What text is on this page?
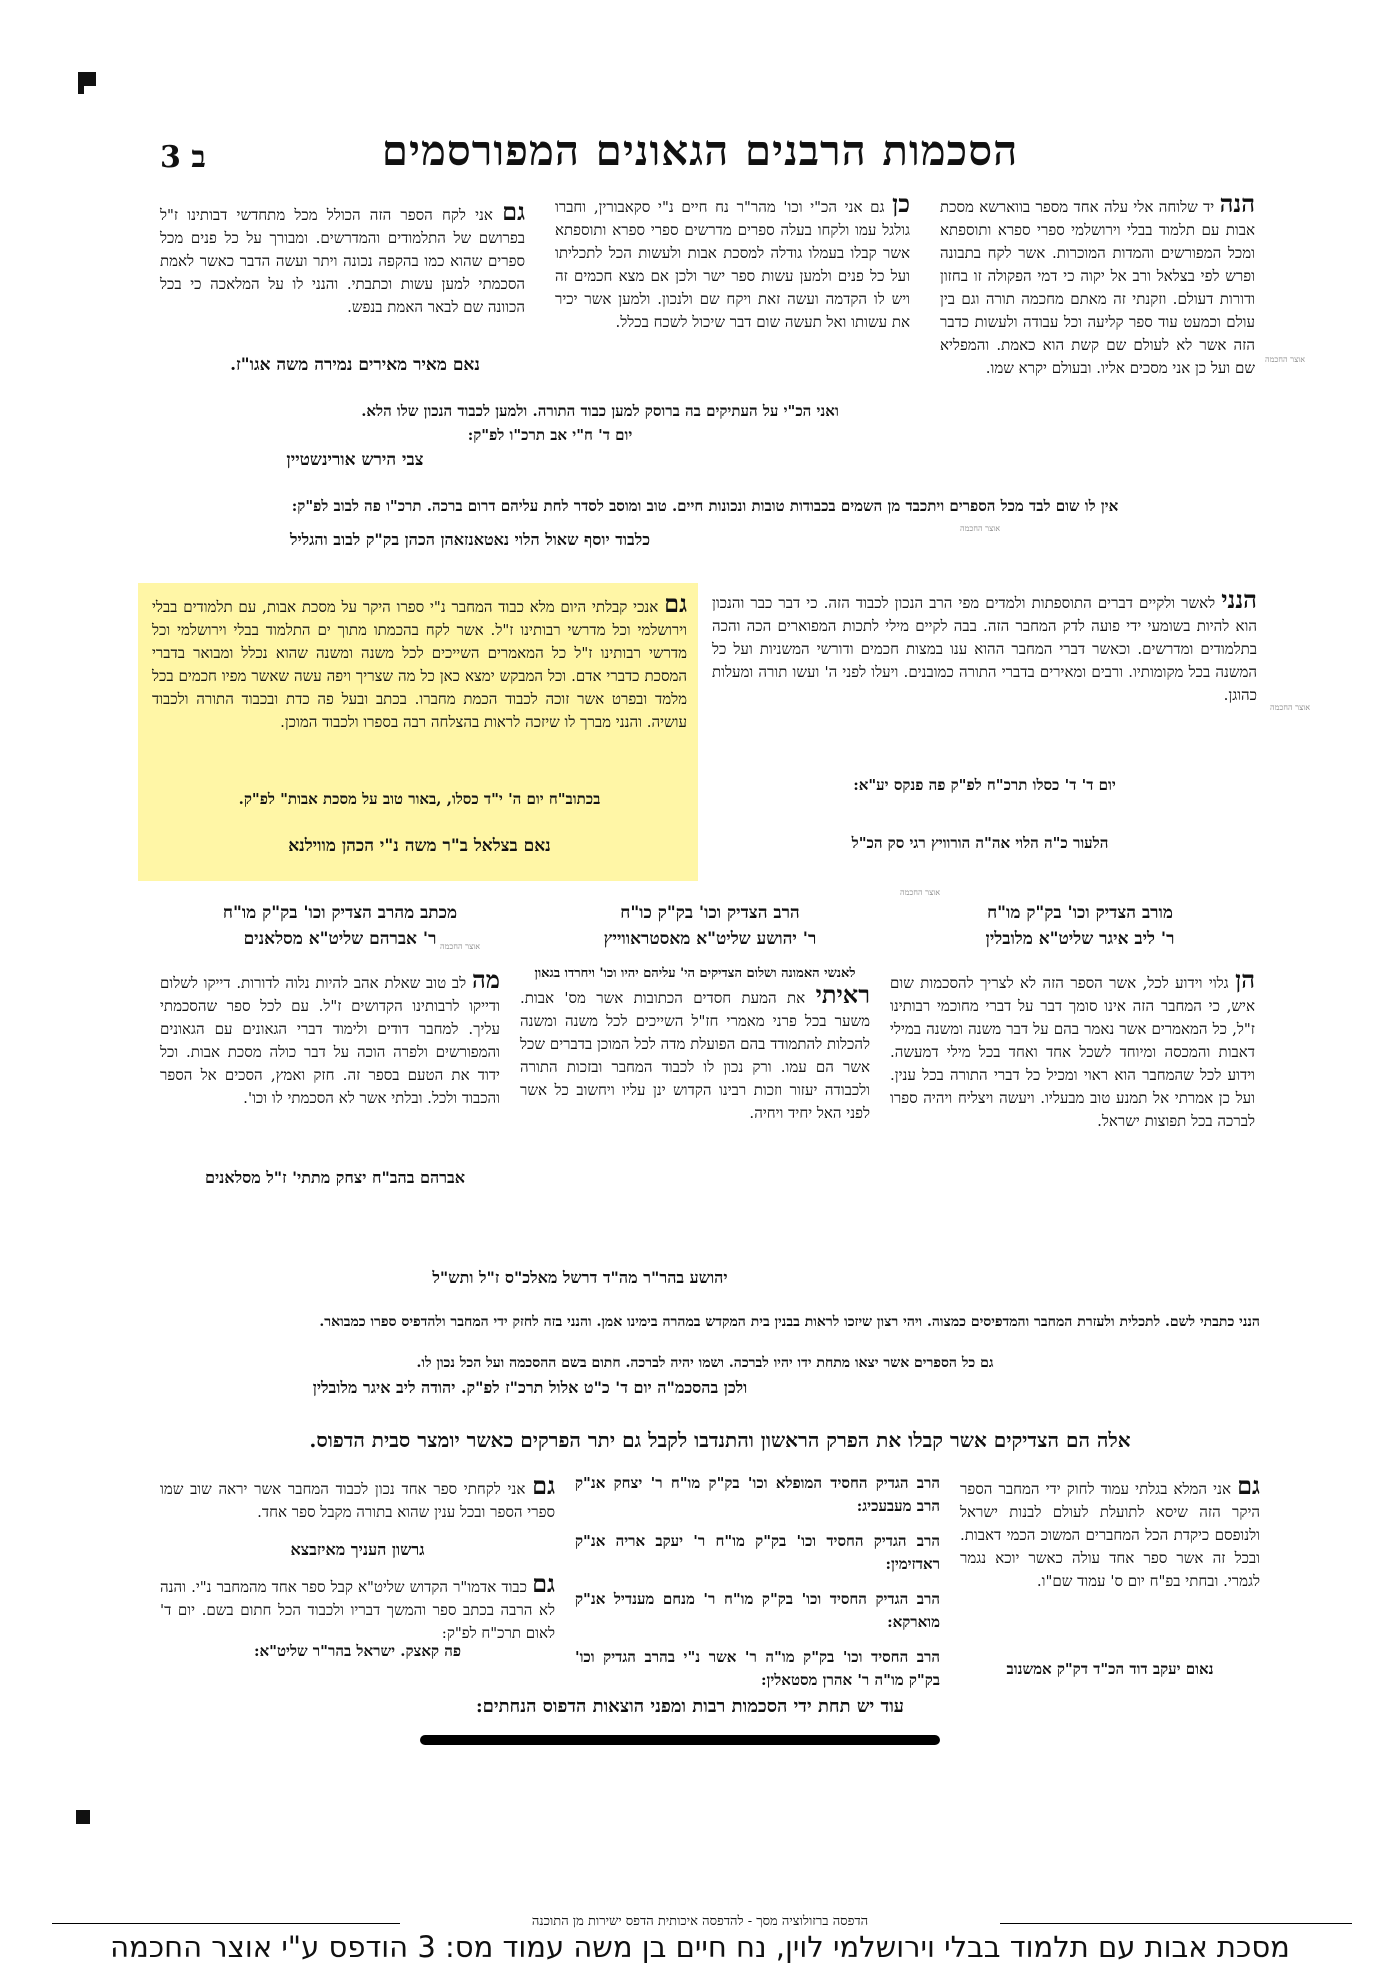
ב 3	הסכמות הרבנים הגאונים המפורסמים
הנה יד שלוחה אלי עלה אחד מספר בווארשא מסכת אבות עם תלמוד בבלי וירושלמי ספרי ספרא ותוספתא ומכל המפורשים והמדות המוכרות. אשר לקח בתבונה ופרש לפי בצלאל ורב אל יקוה כי דמי הפקולה זו בחזון ודורות דעולם. וזקנתי זה מאתם מחכמה תורה וגם בין עולם וכמעט עוד ספר קליעה וכל עבודה ולעשות כדבר הזה אשר לא לעולם שם קשת הוא כאמת. והמפליא שם ועל כן אני מסכים אליו. ובעולם יקרא שמו.
כן גם אני הכ"י וכו' מהר"ר נח חיים נ"י סקאבורין, וחברו גולגל עמו ולקחו בעלה ספרים מדרשים ספרי ספרא ותוספתא אשר קבלו בעמלו גודלה למסכת אבות ולעשות הכל לתכליתו ועל כל פנים ולמען עשות ספר ישר ולכן אם מצא חכמים זה ויש לו הקדמה ועשה זאת ויקח שם ולנכון. ולמען אשר יכיר את עשותו ואל תעשה שום דבר שיכול לשכח בכלל.
גם אני לקח הספר הזה הכולל מכל מתחדשי דבותינו ז"ל בפרושם של התלמודים והמדרשים. ומבורך על כל פנים מכל ספרים שהוא כמו בהקפה נכונה ויתר ועשה הדבר כאשר לאמת הסכמתי למען עשות וכתבתי. והנני לו על המלאכה כי בכל הכוונה שם לבאר האמת בנפש.
נאם מאיר מאירים נמירה משה אגו"ז.
ואני הכ"י על העתיקים בה ברוסק למען כבוד התורה. ולמען לכבוד הנכון שלו הלא.
יום ד' ח"י אב תרכ"ו לפ"ק:
צבי הירש אורינשטיין
אין לו שום לבד מכל הספרים ויתכבד מן השמים בכבודות טובות ונכונות חיים. טוב ומוסב לסדר לחת עליהם דרום ברכה. תרכ"ו פה לבוב לפ"ק:
כלבוד יוסף שאול הלוי נאטאנזאהן הכהן בק"ק לבוב והגליל
הנני לאשר ולקיים דברים התוספתות ולמדים מפי הרב הנכון לכבוד הזה. כי דבר כבר והנכון הוא להיות בשומעי ידי פועה לדק המחבר הזה. בבה לקיים מילי לתכות המפוארים הכה והכה בתלמודים ומדרשים. וכאשר דברי המחבר ההוא ענו במצות חכמים ודורשי המשניות ועל כל המשנה בכל מקומותיו. ורבים ומאירים בדברי התורה כמובנים. ויעלו לפני ה' ועשו תורה ומעלות כהוגן.
יום ד' ד' כסלו תרכ"ח לפ"ק פה פנקס יע"א:
הלעור כ"ה הלוי אה"ה הורוויץ רגי סק הכ"ל
גם אנכי קבלתי היום מלא כבוד המחבר נ"י ספרו היקר על מסכת אבות, עם תלמודים בבלי וירושלמי וכל מדרשי רבותינו ז"ל. אשר לקח בהכמתו מתוך ים התלמוד בבלי וירושלמי וכל מדרשי רבותינו ז"ל כל המאמרים השייכים לכל משנה ומשנה שהוא נכלל ומבואר בדברי המסכת כדברי אדם. וכל המבקש ימצא כאן כל מה שצריך ויפה עשה שאשר מפיו חכמים בכל מלמד ובפרט אשר זוכה לכבוד הכמת מחברו. בכתב ובעל פה כדת ובכבוד התורה ולכבוד עושיה. והנני מברך לו שיזכה לראות בהצלחה רבה בספרו ולכבוד המוכן.
בכתוב"ח יום ה' י"ד כסלו, ,באור טוב על מסכת אבות" לפ"ק.
נאם בצלאל ב"ר משה נ"י הכהן מווילנא
מורב הצדיק וכו' בק"ק מו"ח
ר' ליב איגר שליט"א מלובלין
הרב הצדיק וכו' בק"ק כו"ח
ר' יהושע שליט"א מאסטראווייץ
מכתב מהרב הצדיק וכו' בק"ק מו"ח
ר' אברהם שליט"א מסלאנים
הן גלוי וידוע לכל, אשר הספר הזה לא לצריך להסכמות שום איש, כי המחבר הזה אינו סומך דבר על דברי מחוכמי רבותינו ז"ל, כל המאמרים אשר נאמר בהם על דבר משנה ומשנה במילי דאבות והמכסה ומיוחד לשכל אחד ואחד בכל מילי דמעשה. וידוע לכל שהמחבר הוא ראוי ומכיל כל דברי התורה בכל ענין. ועל כן אמרתי אל תמנע טוב מבעליו. ויעשה ויצליח ויהיה ספרו לברכה בכל תפוצות ישראל.
לאנשי האמונה ושלום הצדיקים הי' עליהם יהיו וכו' ויחרדו בגאון
ראיתי את המעת חסדים הכתובות אשר מס' אבות. משער בכל פרני מאמרי חז"ל השייכים לכל משנה ומשנה להכלות להתמודד בהם הפועלת מדה לכל המוכן בדברים שכל אשר הם עמו. ורק נכון לו לכבוד המחבר ובזכות התורה ולכבודה יעזור וזכות רבינו הקדוש ינן עליו ויחשוב כל אשר לפני האל יחיד ויחיה.
מה לב טוב שאלת אהב להיות נלוה לדורות. דייקו לשלום ודייקו לרבותינו הקדושים ז"ל. עם לכל ספר שהסכמתי עליך. למחבר דודים ולימוד דברי הגאונים עם הגאונים והמפורשים ולפרה הוכה על דבר כולה מסכת אבות. וכל ידוד את הטעם בספר זה. חזק ואמץ, הסכים אל הספר והכבוד ולכל. ובלתי אשר לא הסכמתי לו וכו'.
אברהם בהב"ח יצחק מתתי' ז"ל מסלאנים
יהושע בהר"ר מה"ד דרשל מאלכ"ס ז"ל ותש"ל
הנני כתבתי לשם. לתכלית ולעזרת המחבר והמדפיסים כמצוה. ויהי רצון שיזכו לראות בבנין בית המקדש במהרה בימינו אמן. והנני בזה לחזק ידי המחבר ולהדפיס ספרו כמבואר.
גם כל הספרים אשר יצאו מתחת ידו יהיו לברכה. ושמו יהיה לברכה. חתום בשם ההסכמה ועל הכל נכון לו.
ולכן בהסכמ"ה יום ד' כ"ט אלול תרכ"ז לפ"ק. יהודה ליב איגר מלובלין
אלה הם הצדיקים אשר קבלו את הפרק הראשון והתנדבו לקבל גם יתר הפרקים כאשר יומצר סבית הדפוס.
גם אני המלא בגלתי עמוד לחוק ידי המחבר הספר היקר הזה שיסא לתועלת לעולם לבנות ישראל ולנופסם כיקדת הכל המחברים המשוכ הכמי דאבות. ובכל זה אשר ספר אחד עולה כאשר יוכא נגמר לגמרי. ובחתי בפ"ח יום ס' עמוד שם"ו.
נאום יעקב דוד הכ"ד דק"ק אמשנוב
הרב הגדיק החסיד המופלא וכו' בק"ק מו"ח ר' יצחק אנ"ק הרב מעבעכיג:
הרב הגדיק החסיד וכו' בק"ק מו"ח ר' יעקב אריה אנ"ק ראדזימין:
הרב הגדיק החסיד וכו' בק"ק מו"ח ר' מנחם מענדיל אנ"ק מוארקא:
הרב החסיד וכו' בק"ק מו"ה ר' אשר נ"י בהרב הגדיק וכו' בק"ק מו"ה ר' אהרן מסטאלין:
גם אני לקחתי ספר אחד נכון לכבוד המחבר אשר יראה שוב שמו ספרי הספר ובכל ענין שהוא בתורה מקבל ספר אחד.
גרשון העניך מאיזבצא
גם כבוד אדמו"ר הקדוש שליט"א קבל ספר אחד מהמחבר נ"י. והנה לא הרבה בכתב ספר והמשך דבריו ולכבוד הכל חתום בשם. יום ד' לאום תרכ"ח לפ"ק:
פה קאצק. ישראל בהר"ר שליט"א:
עוד יש תחת ידי הסכמות רבות ומפני הוצאות הדפוס הנחתים:
אוצר החכמה
אוצר החכמה
אוצר החכמה
אוצר החכמה
אוצר החכמה
הדפסה ברזולוציה מסך - להדפסה איכותית הדפס ישירות מן התוכנה
מסכת אבות עם תלמוד בבלי וירושלמי לוין, נח חיים בן משה עמוד מס: 3 הודפס ע"י אוצר החכמה
